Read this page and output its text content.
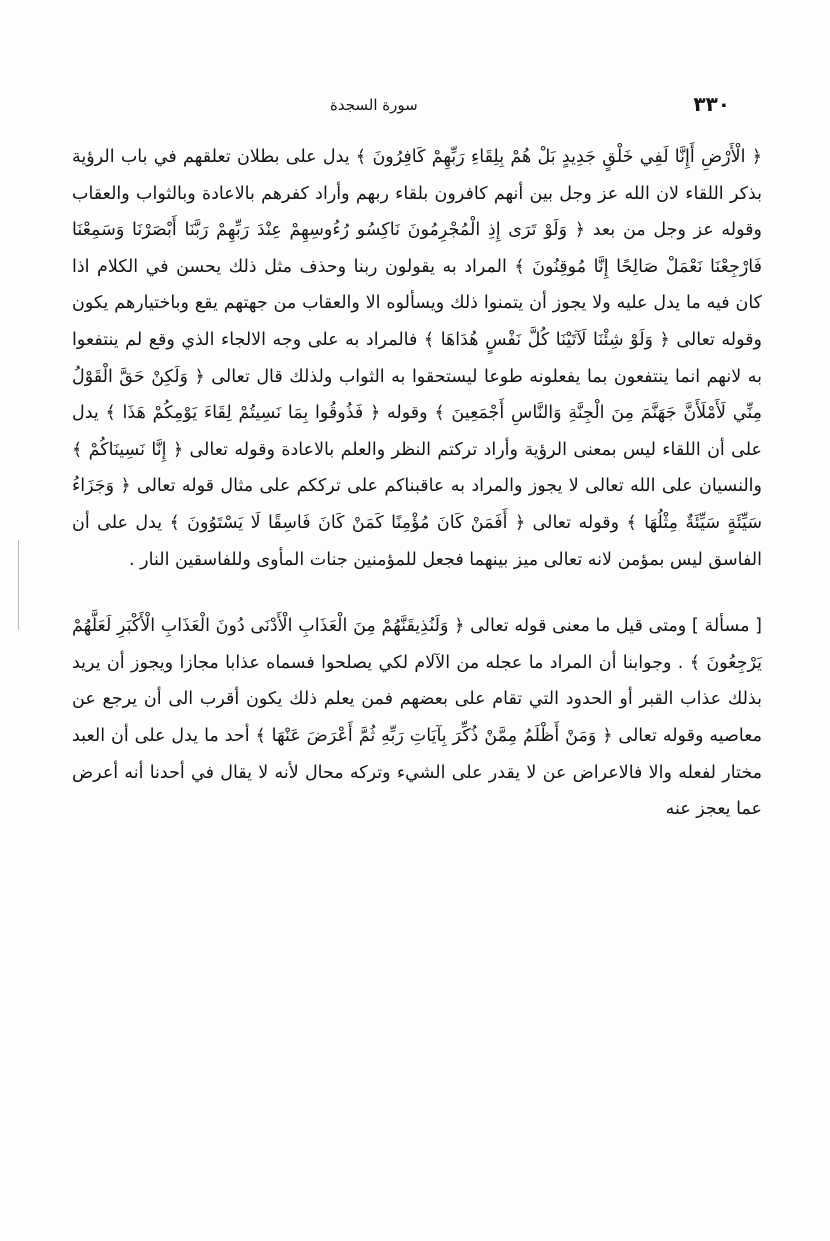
سورة السجدة	٣٣٠

﴿ الْأَرْضِ أَإِنَّا لَفِي خَلْقٍ جَدِيدٍ بَلْ هُمْ بِلِقَاءِ رَبِّهِمْ كَافِرُونَ ﴾ يدل على بطلان تعلقهم في باب الرؤية بذكر اللقاء لان الله عز وجل بين أنهم كافرون بلقاء ربهم وأراد كفرهم بالاعادة وبالثواب والعقاب وقوله عز وجل من بعد ﴿ وَلَوْ تَرَى إِذِ الْمُجْرِمُونَ نَاكِسُو رُءُوسِهِمْ عِنْدَ رَبِّهِمْ رَبَّنَا أَبْصَرْنَا وَسَمِعْنَا فَارْجِعْنَا نَعْمَلْ صَالِحًا إِنَّا مُوقِنُونَ ﴾ المراد به يقولون ربنا وحذف مثل ذلك يحسن في الكلام اذا كان فيه ما يدل عليه ولا يجوز أن يتمنوا ذلك ويسألوه الا والعقاب من جهتهم يقع وباختيارهم يكون وقوله تعالى ﴿ وَلَوْ شِئْنَا لَآتَيْنَا كُلَّ نَفْسٍ هُدَاهَا ﴾ فالمراد به على وجه الالجاء الذي وقع لم ينتفعوا به لانهم انما ينتفعون بما يفعلونه طوعا ليستحقوا به الثواب ولذلك قال تعالى ﴿ وَلَكِنْ حَقَّ الْقَوْلُ مِنِّي لَأَمْلَأَنَّ جَهَنَّمَ مِنَ الْجِنَّةِ وَالنَّاسِ أَجْمَعِينَ ﴾ وقوله ﴿ فَذُوقُوا بِمَا نَسِيتُمْ لِقَاءَ يَوْمِكُمْ هَذَا ﴾ يدل على أن اللقاء ليس بمعنى الرؤية وأراد تركتم النظر والعلم بالاعادة وقوله تعالى ﴿ إِنَّا نَسِينَاكُمْ ﴾ والنسيان على الله تعالى لا يجوز والمراد به عاقبناكم على ترككم على مثال قوله تعالى ﴿ وَجَزَاءُ سَيِّئَةٍ سَيِّئَةٌ مِثْلُهَا ﴾ وقوله تعالى ﴿ أَفَمَنْ كَانَ مُؤْمِنًا كَمَنْ كَانَ فَاسِقًا لَا يَسْتَوُونَ ﴾ يدل على أن الفاسق ليس بمؤمن لانه تعالى ميز بينهما فجعل للمؤمنين جنات المأوى وللفاسقين النار .

[ مسألة ] ومتى قيل ما معنى قوله تعالى ﴿ وَلَنُذِيقَنَّهُمْ مِنَ الْعَذَابِ الْأَدْنَى دُونَ الْعَذَابِ الْأَكْبَرِ لَعَلَّهُمْ يَرْجِعُونَ ﴾ . وجوابنا أن المراد ما عجله من الآلام لكي يصلحوا فسماه عذابا مجازا ويجوز أن يريد بذلك عذاب القبر أو الحدود التي تقام على بعضهم فمن يعلم ذلك يكون أقرب الى أن يرجع عن معاصيه وقوله تعالى ﴿ وَمَنْ أَظْلَمُ مِمَّنْ ذُكِّرَ بِآيَاتِ رَبِّهِ ثُمَّ أَعْرَضَ عَنْهَا ﴾ أحد ما يدل على أن العبد مختار لفعله والا فالاعراض عن لا يقدر على الشيء وتركه محال لأنه لا يقال في أحدنا أنه أعرض عما يعجز عنه
